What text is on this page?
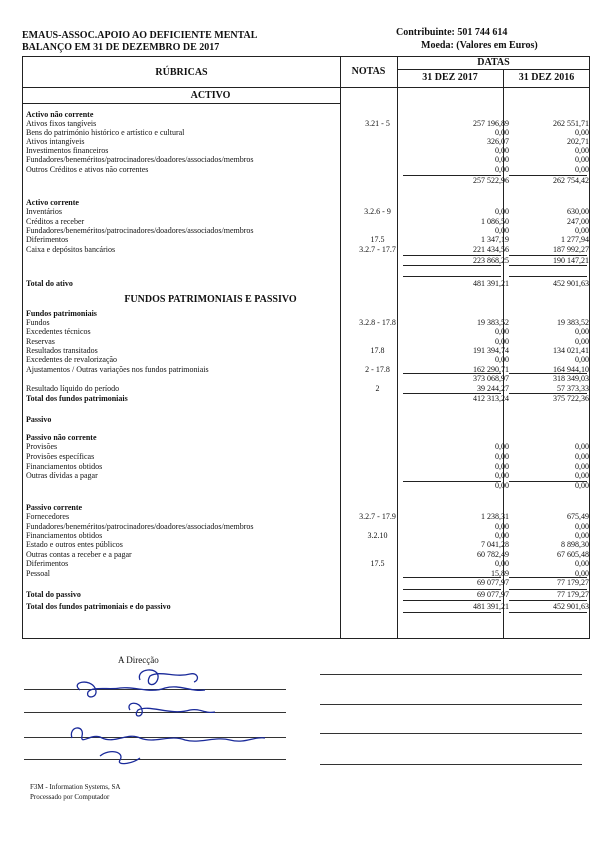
EMAUS-ASSOC.APOIO AO DEFICIENTE MENTAL
BALANÇO EM 31 DE DEZEMBRO DE 2017
Contribuinte: 501 744 614
Moeda: (Valores em Euros)
RÚBRICAS	NOTAS
DATAS
31 DEZ 2017	31 DEZ 2016
ACTIVO
FUNDOS PATRIMONIAIS E PASSIVO
Activo não corrente
Ativos fixos tangíveis	3.21 - 5	257 196,89	262 551,71
Bens do património histórico e artístico e cultural	0,00	0,00
Ativos intangíveis	326,07	202,71
Investimentos financeiros	0,00	0,00
Fundadores/beneméritos/patrocinadores/doadores/associados/membros	0,00	0,00
Outros Créditos e ativos não correntes	0,00	0,00
257 522,96	262 754,42
Activo corrente
Inventários	3.2.6 - 9	0,00	630,00
Créditos a receber	1 086,50	247,00
Fundadores/beneméritos/patrocinadores/doadores/associados/membros	0,00	0,00
Diferimentos	17.5	1 347,19	1 277,94
Caixa e depósitos bancários	3.2.7 - 17.7	221 434,56	187 992,27
223 868,25	190 147,21
Total do ativo	481 391,21	452 901,63
Fundos patrimoniais
Fundos	3.2.8 - 17.8	19 383,52	19 383,52
Excedentes técnicos	0,00	0,00
Reservas	0,00	0,00
Resultados transitados	17.8	191 394,74	134 021,41
Excedentes de revalorização	0,00	0,00
Ajustamentos / Outras variações nos fundos patrimoniais	2 - 17.8	162 290,71	164 944,10
373 068,97	318 349,03
Resultado líquido do período	2	39 244,27	57 373,33
Total dos fundos patrimoniais	412 313,24	375 722,36
Passivo
Passivo não corrente
Provisões	0,00	0,00
Provisões específicas	0,00	0,00
Financiamentos obtidos	0,00	0,00
Outras dívidas a pagar	0,00	0,00
0,00	0,00
Passivo corrente
Fornecedores	3.2.7 - 17.9	1 238,31	675,49
Fundadores/beneméritos/patrocinadores/doadores/associados/membros	0,00	0,00
Financiamentos obtidos	3.2.10	0,00	0,00
Estado e outros entes públicos	7 041,28	8 898,30
Outras contas a receber e a pagar	60 782,49	67 605,48
Diferimentos	17.5	0,00	0,00
Pessoal	15,89	0,00
69 077,97	77 179,27
Total do passivo	69 077,97	77 179,27
Total dos fundos patrimoniais e do passivo	481 391,21	452 901,63
A Direcção
F3M - Information Systems, SA
Processado por Computador
